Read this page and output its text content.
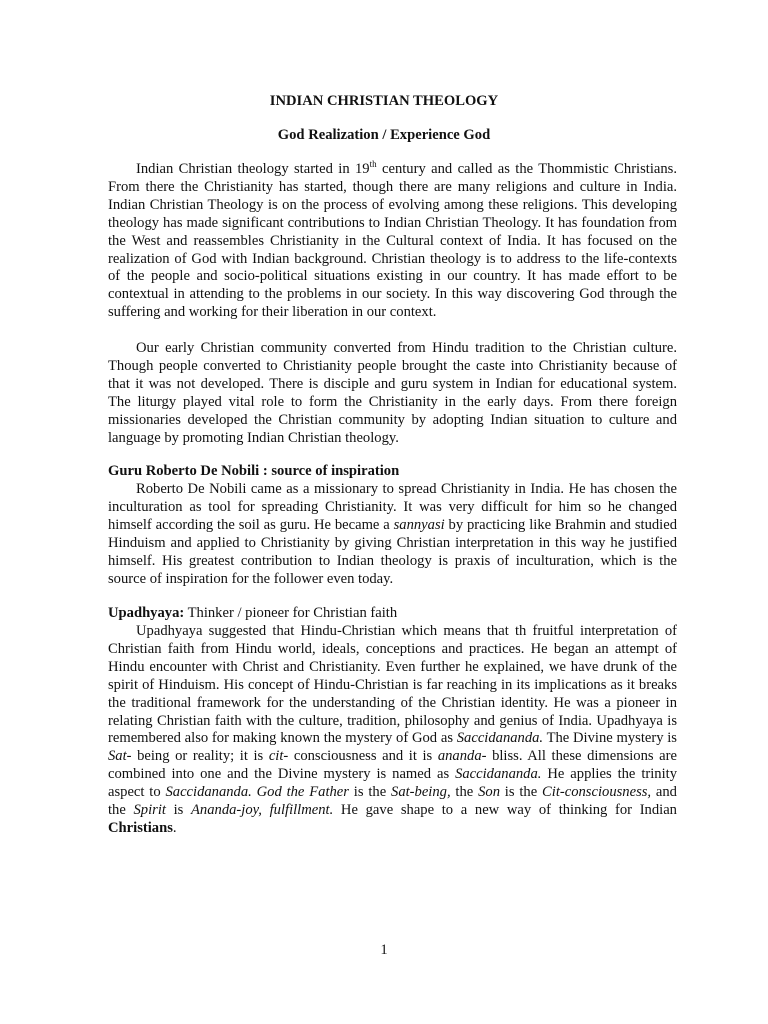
INDIAN CHRISTIAN THEOLOGY
God Realization / Experience God

Indian Christian theology started in 19th century and called as the Thommistic Christians. From there the Christianity has started, though there are many religions and culture in India. Indian Christian Theology is on the process of evolving among these religions. This developing theology has made significant contributions to Indian Christian Theology. It has foundation from the West and reassembles Christianity in the Cultural context of India. It has focused on the realization of God with Indian background. Christian theology is to address to the life-contexts of the people and socio-political situations existing in our country. It has made effort to be contextual in attending to the problems in our society. In this way discovering God through the suffering and working for their liberation in our context.

Our early Christian community converted from Hindu tradition to the Christian culture. Though people converted to Christianity people brought the caste into Christianity because of that it was not developed. There is disciple and guru system in Indian for educational system. The liturgy played vital role to form the Christianity in the early days. From there foreign missionaries developed the Christian community by adopting Indian situation to culture and language by promoting Indian Christian theology.

Guru Roberto De Nobili : source of inspiration

Roberto De Nobili came as a missionary to spread Christianity in India. He has chosen the inculturation as tool for spreading Christianity. It was very difficult for him so he changed himself according the soil as guru. He became a sannyasi by practicing like Brahmin and studied Hinduism and applied to Christianity by giving Christian interpretation in this way he justified himself. His greatest contribution to Indian theology is praxis of inculturation, which is the source of inspiration for the follower even today.

Upadhyaya: Thinker / pioneer for Christian faith

Upadhyaya suggested that Hindu-Christian which means that th fruitful interpretation of Christian faith from Hindu world, ideals, conceptions and practices. He began an attempt of Hindu encounter with Christ and Christianity. Even further he explained, we have drunk of the spirit of Hinduism. His concept of Hindu-Christian is far reaching in its implications as it breaks the traditional framework for the understanding of the Christian identity. He was a pioneer in relating Christian faith with the culture, tradition, philosophy and genius of India. Upadhyaya is remembered also for making known the mystery of God as Saccidananda. The Divine mystery is Sat- being or reality; it is cit- consciousness and it is ananda- bliss. All these dimensions are combined into one and the Divine mystery is named as Saccidananda. He applies the trinity aspect to Saccidananda. God the Father is the Sat-being, the Son is the Cit-consciousness, and the Spirit is Ananda-joy, fulfillment. He gave shape to a new way of thinking for Indian Christians.

1
